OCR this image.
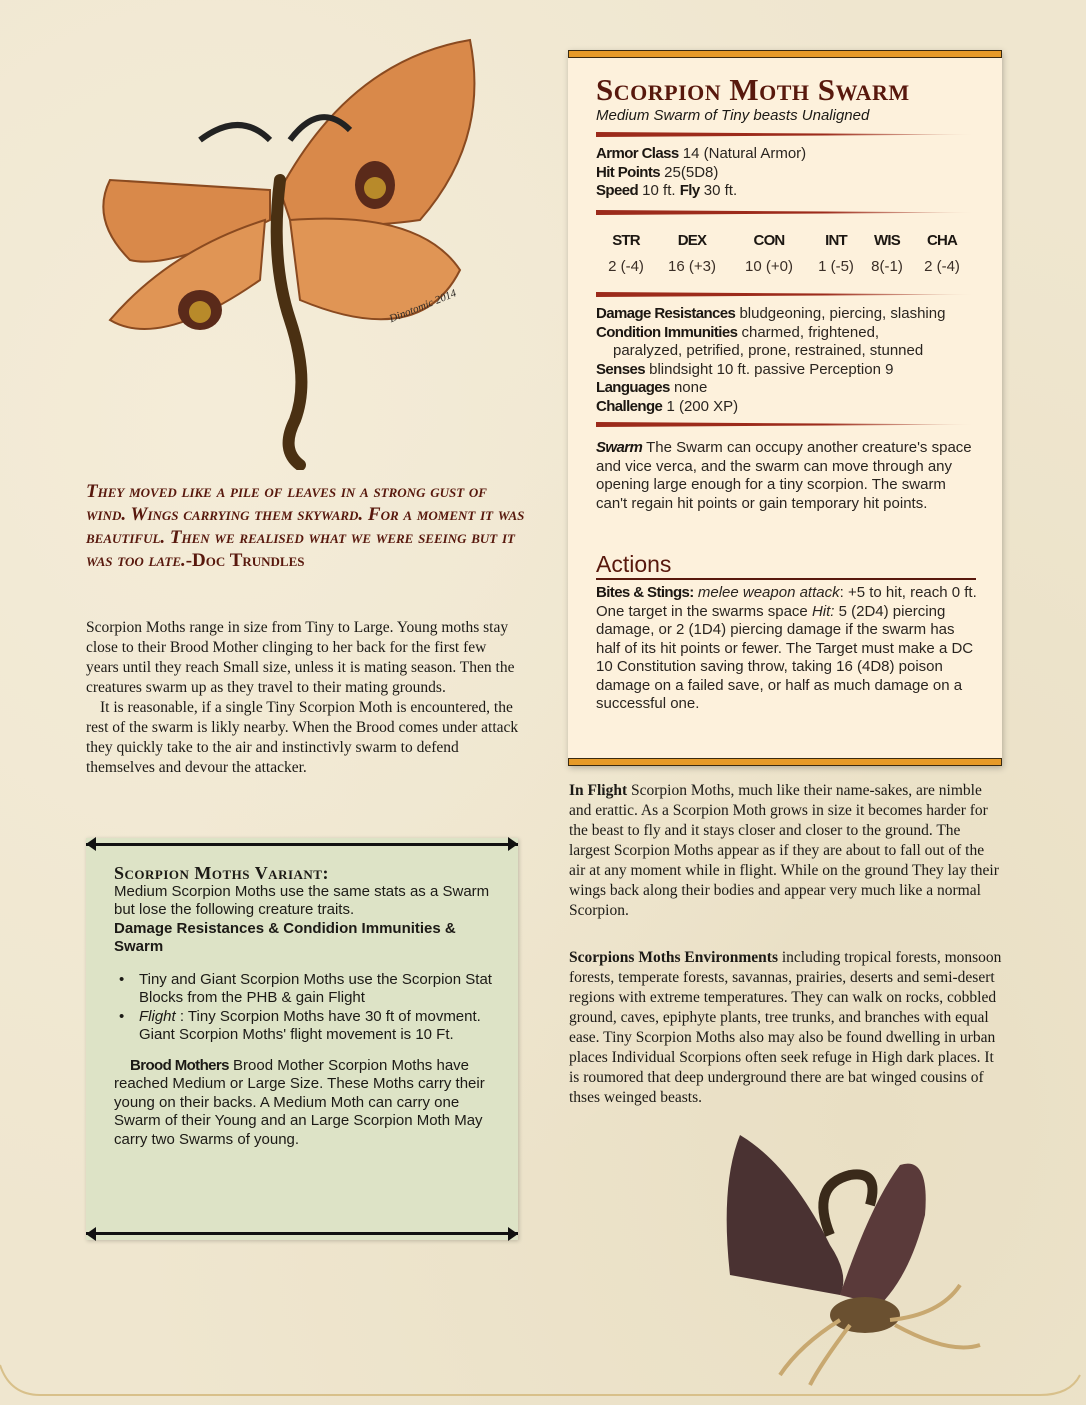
Dinotomic 2014
They moved like a pile of leaves in a strong gust of wind. Wings carrying them skyward. For a moment it was beautiful. Then we realised what we were seeing but it was too late.-Doc Trundles

Scorpion Moths range in size from Tiny to Large. Young moths stay close to their Brood Mother clinging to her back for the first few years until they reach Small size, unless it is mating season. Then the creatures swarm up as they travel to their mating grounds.

It is reasonable, if a single Tiny Scorpion Moth is encountered, the rest of the swarm is likly nearby. When the Brood comes under attack they quickly take to the air and instinctivly swarm to defend themselves and devour the attacker.

Scorpion Moths Variant:

Medium Scorpion Moths use the same stats as a Swarm but lose the following creature traits.

Damage Resistances & Condidion Immunities & Swarm

• Tiny and Giant Scorpion Moths use the Scorpion Stat Blocks from the PHB & gain Flight
• Flight : Tiny Scorpion Moths have 30 ft of movment. Giant Scorpion Moths' flight movement is 10 Ft.

Brood Mothers Brood Mother Scorpion Moths have reached Medium or Large Size. These Moths carry their young on their backs. A Medium Moth can carry one Swarm of their Young and an Large Scorpion Moth May carry two Swarms of young.

Scorpion Moth Swarm
Medium Swarm of Tiny beasts Unaligned
Armor Class 14 (Natural Armor)
Hit Points 25(5D8)
Speed 10 ft. Fly 30 ft.
STR	DEX	CON	INT	WIS	CHA
2 (-4)	16 (+3)	10 (+0)	1 (-5)	8(-1)	2 (-4)
Damage Resistances bludgeoning, piercing, slashing
Condition Immunities charmed, frightened,
paralyzed, petrified, prone, restrained, stunned
Senses blindsight 10 ft. passive Perception 9
Languages none
Challenge 1 (200 XP)
Swarm The Swarm can occupy another creature's space and vice verca, and the swarm can move through any opening large enough for a tiny scorpion. The swarm can't regain hit points or gain temporary hit points.
Actions
Bites & Stings: melee weapon attack: +5 to hit, reach 0 ft. One target in the swarms space Hit: 5 (2D4) piercing damage, or 2 (1D4) piercing damage if the swarm has half of its hit points or fewer. The Target must make a DC 10 Constitution saving throw, taking 16 (4D8) poison damage on a failed save, or half as much damage on a successful one.
In Flight Scorpion Moths, much like their name-sakes, are nimble and erattic. As a Scorpion Moth grows in size it becomes harder for the beast to fly and it stays closer and closer to the ground. The largest Scorpion Moths appear as if they are about to fall out of the air at any moment while in flight. While on the ground They lay their wings back along their bodies and appear very much like a normal Scorpion.
Scorpions Moths Environments including tropical forests, monsoon forests, temperate forests, savannas, prairies, deserts and semi-desert regions with extreme temperatures. They can walk on rocks, cobbled ground, caves, epiphyte plants, tree trunks, and branches with equal ease. Tiny Scorpion Moths also may also be found dwelling in urban places Individual Scorpions often seek refuge in High dark places. It is roumored that deep underground there are bat winged cousins of thses weinged beasts.
